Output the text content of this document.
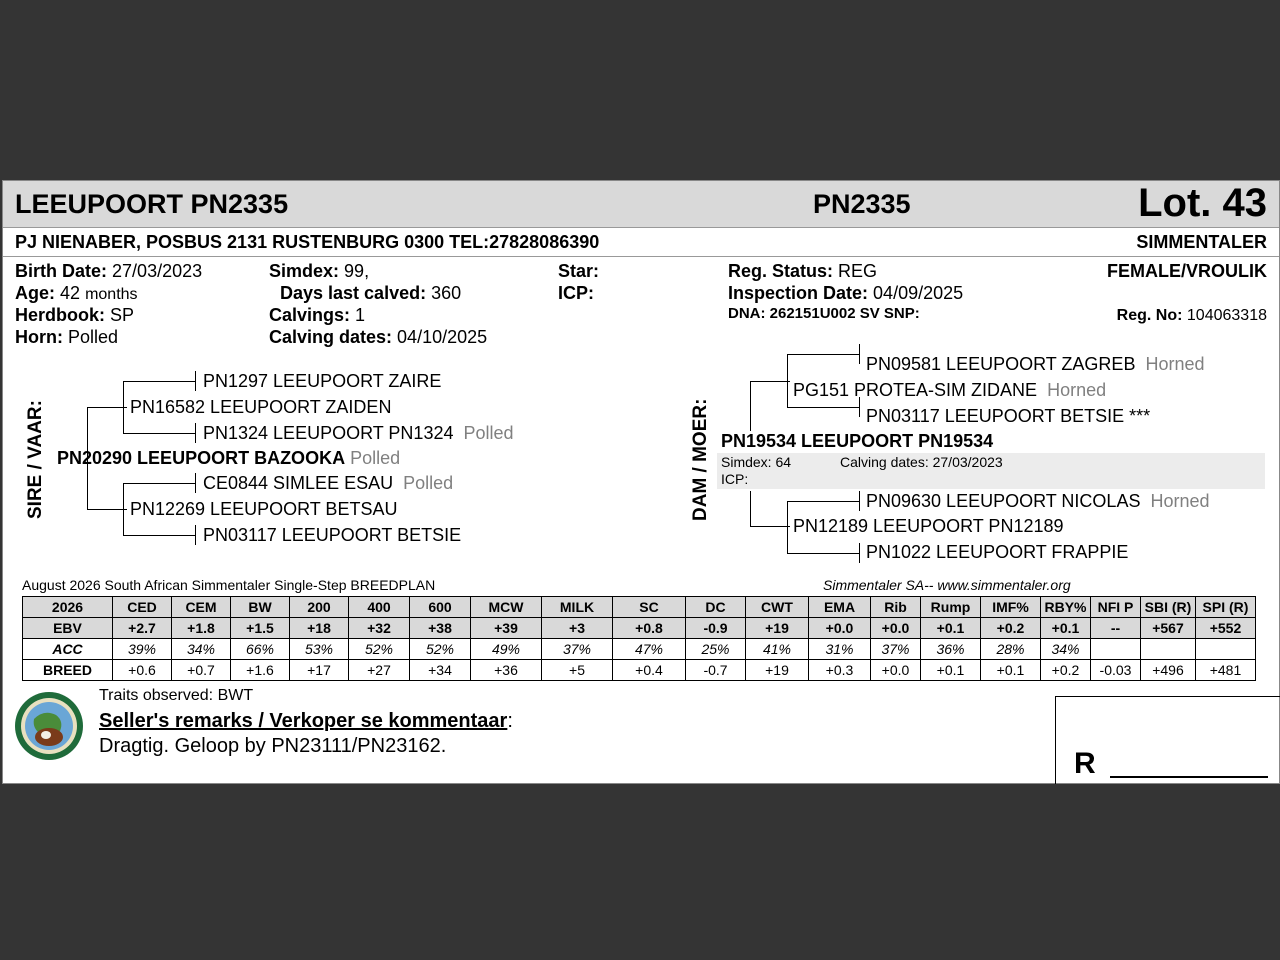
LEEUPOORT PN2335	PN2335	Lot. 43
PJ NIENABER, POSBUS 2131 RUSTENBURG 0300 TEL:27828086390	SIMMENTALER
Birth Date: 27/03/2023
Age: 42 months
Herdbook: SP
Horn: Polled
Simdex: 99,
Days last calved: 360
Calvings: 1
Calving dates: 04/10/2025
Star:
ICP:
Reg. Status: REG
Inspection Date: 04/09/2025
DNA: 262151U002 SV SNP:
FEMALE/VROULIK
Reg. No: 104063318
SIRE / VAAR:
PN1297 LEEUPOORT ZAIRE
PN16582 LEEUPOORT ZAIDEN
PN1324 LEEUPOORT PN1324 Polled
PN20290 LEEUPOORT BAZOOKA Polled
CE0844 SIMLEE ESAU Polled
PN12269 LEEUPOORT BETSAU
PN03117 LEEUPOORT BETSIE
DAM / MOER:
PN09581 LEEUPOORT ZAGREB Horned
PG151 PROTEA-SIM ZIDANE Horned
PN03117 LEEUPOORT BETSIE ***
PN19534 LEEUPOORT PN19534
Simdex: 64	Calving dates: 27/03/2023
ICP:
PN09630 LEEUPOORT NICOLAS Horned
PN12189 LEEUPOORT PN12189
PN1022 LEEUPOORT FRAPPIE
August 2026 South African Simmentaler Single-Step BREEDPLAN	Simmentaler SA-- www.simmentaler.org
2026	CED	CEM	BW	200	400	600	MCW	MILK	SC	DC	CWT	EMA	Rib	Rump	IMF%	RBY%	NFI P	SBI (R)	SPI (R)
EBV	+2.7	+1.8	+1.5	+18	+32	+38	+39	+3	+0.8	-0.9	+19	+0.0	+0.0	+0.1	+0.2	+0.1	--	+567	+552
ACC	39%	34%	66%	53%	52%	52%	49%	37%	47%	25%	41%	31%	37%	36%	28%	34%			
BREED	+0.6	+0.7	+1.6	+17	+27	+34	+36	+5	+0.4	-0.7	+19	+0.3	+0.0	+0.1	+0.1	+0.2	-0.03	+496	+481
Traits observed: BWT
Seller's remarks / Verkoper se kommentaar:
Dragtig. Geloop by PN23111/PN23162.
R
